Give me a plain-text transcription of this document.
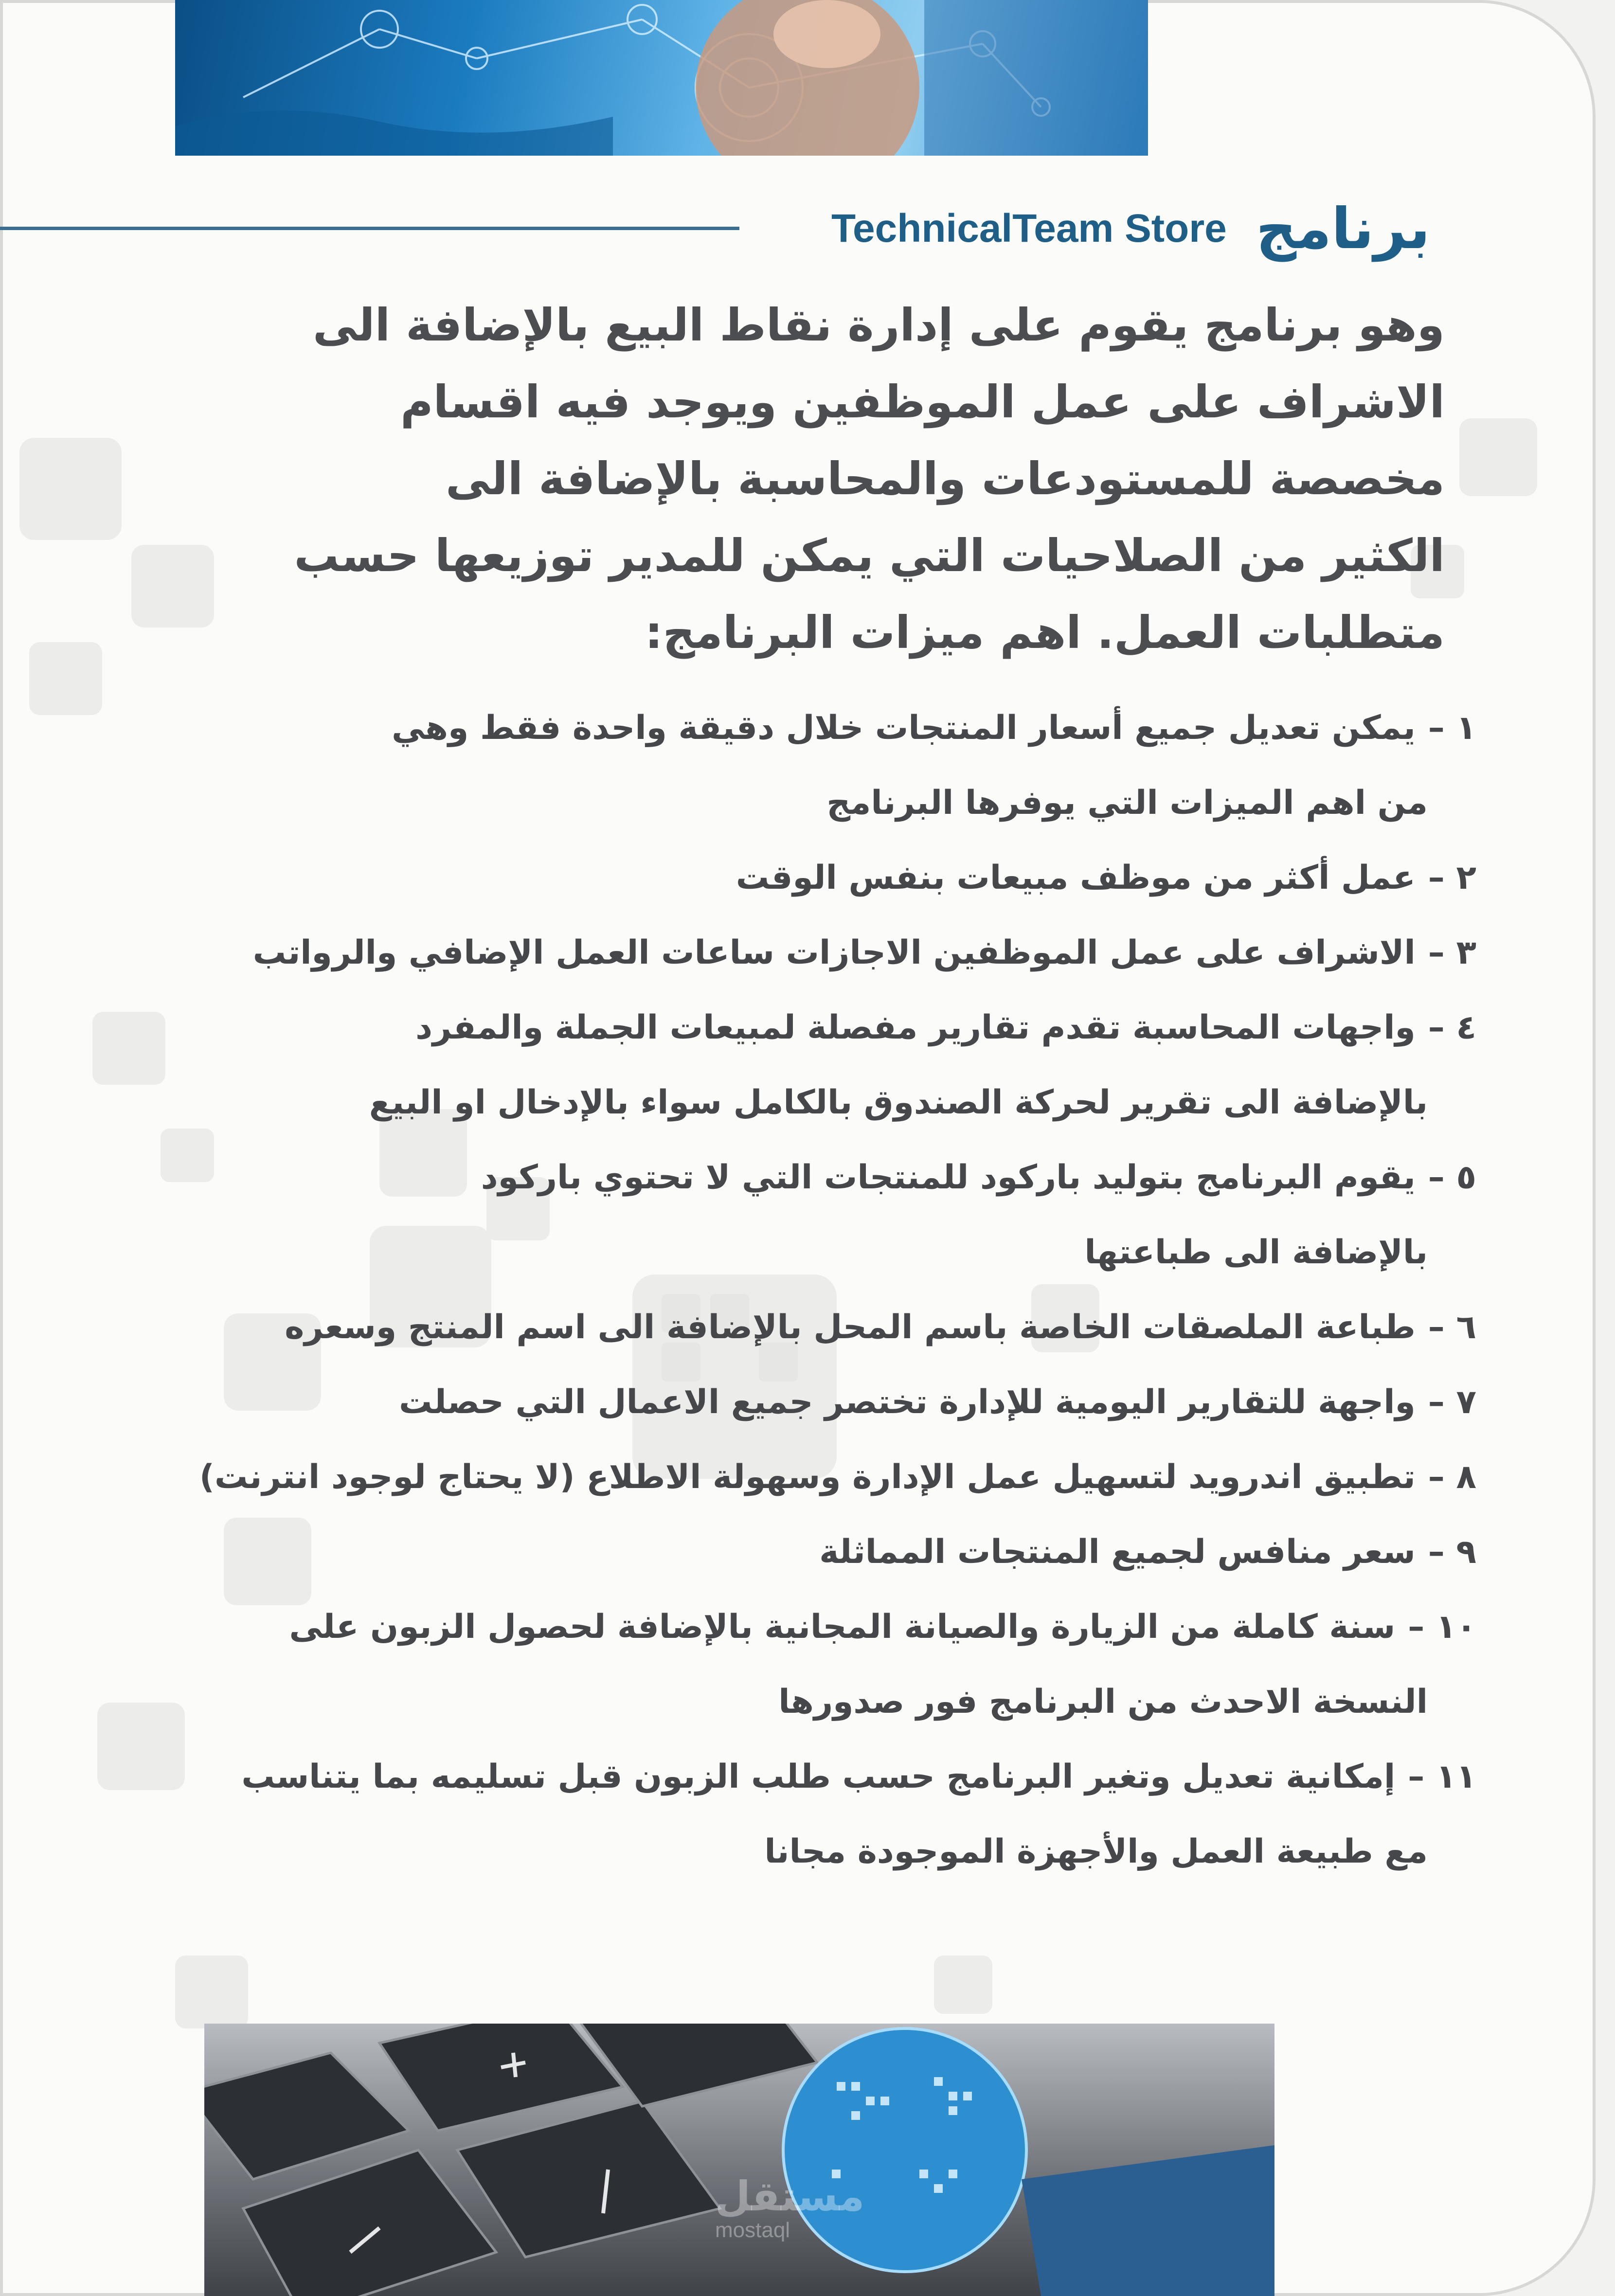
برنامج
TechnicalTeam Store
وهو برنامج يقوم على إدارة نقاط البيع بالإضافة الى
الاشراف على عمل الموظفين ويوجد فيه اقسام
مخصصة للمستودعات والمحاسبة بالإضافة الى
الكثير من الصلاحيات التي يمكن للمدير توزيعها حسب
متطلبات العمل. اهم ميزات البرنامج:
١ –يمكن تعديل جميع أسعار المنتجات خلال دقيقة واحدة فقط وهي
من اهم الميزات التي يوفرها البرنامج
٢ –عمل أكثر من موظف مبيعات بنفس الوقت
٣ –الاشراف على عمل الموظفين الاجازات ساعات العمل الإضافي والرواتب
٤ –واجهات المحاسبة تقدم تقارير مفصلة لمبيعات الجملة والمفرد
بالإضافة الى تقرير لحركة الصندوق بالكامل سواء بالإدخال او البيع
٥ –يقوم البرنامج بتوليد باركود للمنتجات التي لا تحتوي باركود
بالإضافة الى طباعتها
٦ –طباعة الملصقات الخاصة باسم المحل بالإضافة الى اسم المنتج وسعره
٧ –واجهة للتقارير اليومية للإدارة تختصر جميع الاعمال التي حصلت
٨ –تطبيق اندرويد لتسهيل عمل الإدارة وسهولة الاطلاع (لا يحتاج لوجود انترنت)
٩ –سعر منافس لجميع المنتجات المماثلة
١٠ –سنة كاملة من الزيارة والصيانة المجانية بالإضافة لحصول الزبون على
النسخة الاحدث من البرنامج فور صدورها
١١ –إمكانية تعديل وتغير البرنامج حسب طلب الزبون قبل تسليمه بما يتناسب
مع طبيعة العمل والأجهزة الموجودة مجانا
مستقل
mostaql
